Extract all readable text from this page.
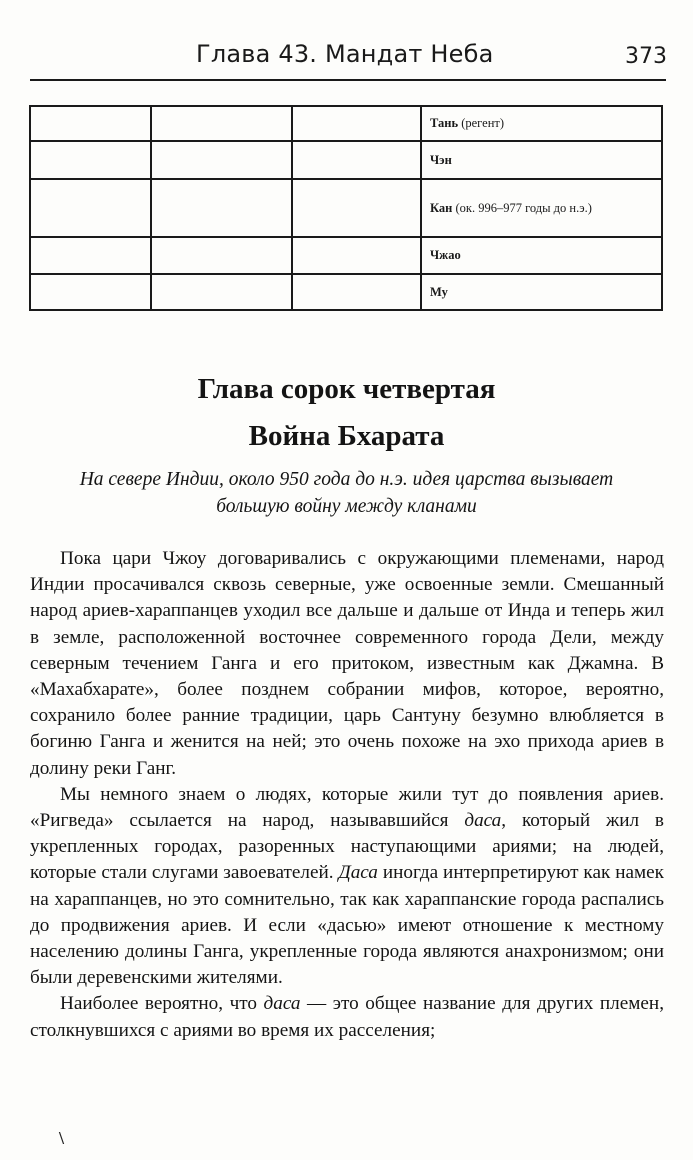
Глава 43. Мандат Неба	373
			Тань (регент)
			Чэн
			Кан (ок. 996–977 годы до н.э.)
			Чжао
			Му
Глава сорок четвертая
Война Бхарата

На севере Индии, около 950 года до н.э. идея царства вызывает большую войну между кланами

Пока цари Чжоу договаривались с окружающими племенами, народ Индии просачивался сквозь северные, уже освоенные земли. Смешанный народ ариев-хараппанцев уходил все дальше и дальше от Инда и теперь жил в земле, расположенной восточнее современного города Дели, между северным течением Ганга и его притоком, известным как Джамна. В «Махабхарате», более позднем собрании мифов, которое, вероятно, сохранило более ранние традиции, царь Сантуну безумно влюбляется в богиню Ганга и женится на ней; это очень похоже на эхо прихода ариев в долину реки Ганг.

Мы немного знаем о людях, которые жили тут до появления ариев. «Ригведа» ссылается на народ, называвшийся даса, который жил в укрепленных городах, разоренных наступающими ариями; на людей, которые стали слугами завоевателей. Даса иногда интерпретируют как намек на хараппанцев, но это сомнительно, так как хараппанские города распались до продвижения ариев. И если «дасью» имеют отношение к местному населению долины Ганга, укрепленные города являются анахронизмом; они были деревенскими жителями.

Наиболее вероятно, что даса — это общее название для других племен, столкнувшихся с ариями во время их расселения;

\
